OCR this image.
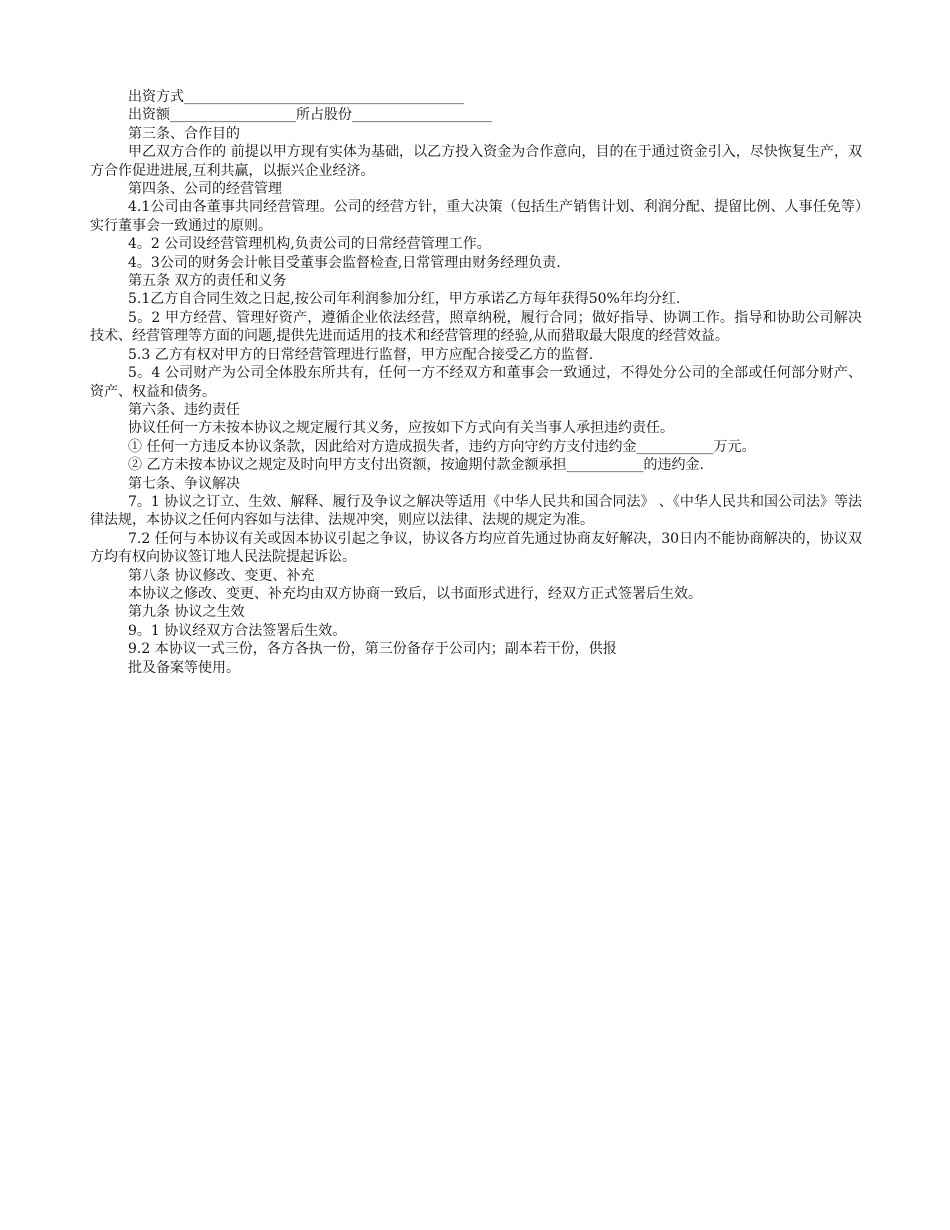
出资方式________________________________________

出资额__________________所占股份____________________

第三条、合作目的

甲乙双方合作的 前提以甲方现有实体为基础，以乙方投入资金为合作意向，目的在于通过资金引入，尽快恢复生产，双方合作促进进展,互利共赢，以振兴企业经济。

第四条、公司的经营管理

4.1公司由各董事共同经营管理。公司的经营方针，重大决策（包括生产销售计划、利润分配、提留比例、人事任免等）实行董事会一致通过的原则。

4。2 公司设经营管理机构,负责公司的日常经营管理工作。

4。3公司的财务会计帐目受董事会监督检查,日常管理由财务经理负责.

第五条 双方的责任和义务

5.1乙方自合同生效之日起,按公司年利润参加分红，甲方承诺乙方每年获得50%年均分红.

5。2 甲方经营、管理好资产，遵循企业依法经营，照章纳税，履行合同；做好指导、协调工作。指导和协助公司解决技术、经营管理等方面的问题,提供先进而适用的技术和经营管理的经验,从而猎取最大限度的经营效益。

5.3 乙方有权对甲方的日常经营管理进行监督，甲方应配合接受乙方的监督.

5。4 公司财产为公司全体股东所共有，任何一方不经双方和董事会一致通过，不得处分公司的全部或任何部分财产、资产、权益和债务。

第六条、违约责任

协议任何一方未按本协议之规定履行其义务，应按如下方式向有关当事人承担违约责任。

① 任何一方违反本协议条款，因此给对方造成损失者，违约方向守约方支付违约金___________万元。

② 乙方未按本协议之规定及时向甲方支付出资额，按逾期付款金额承担___________的违约金.

第七条、争议解决

7。1 协议之订立、生效、解释、履行及争议之解决等适用《中华人民共和国合同法》 、《中华人民共和国公司法》等法律法规，本协议之任何内容如与法律、法规冲突，则应以法律、法规的规定为准。

7.2 任何与本协议有关或因本协议引起之争议，协议各方均应首先通过协商友好解决，30日内不能协商解决的，协议双方均有权向协议签订地人民法院提起诉讼。

第八条 协议修改、变更、补充

本协议之修改、变更、补充均由双方协商一致后，以书面形式进行，经双方正式签署后生效。

第九条 协议之生效

9。1 协议经双方合法签署后生效。

9.2 本协议一式三份，各方各执一份，第三份备存于公司内；副本若干份，供报

批及备案等使用。
